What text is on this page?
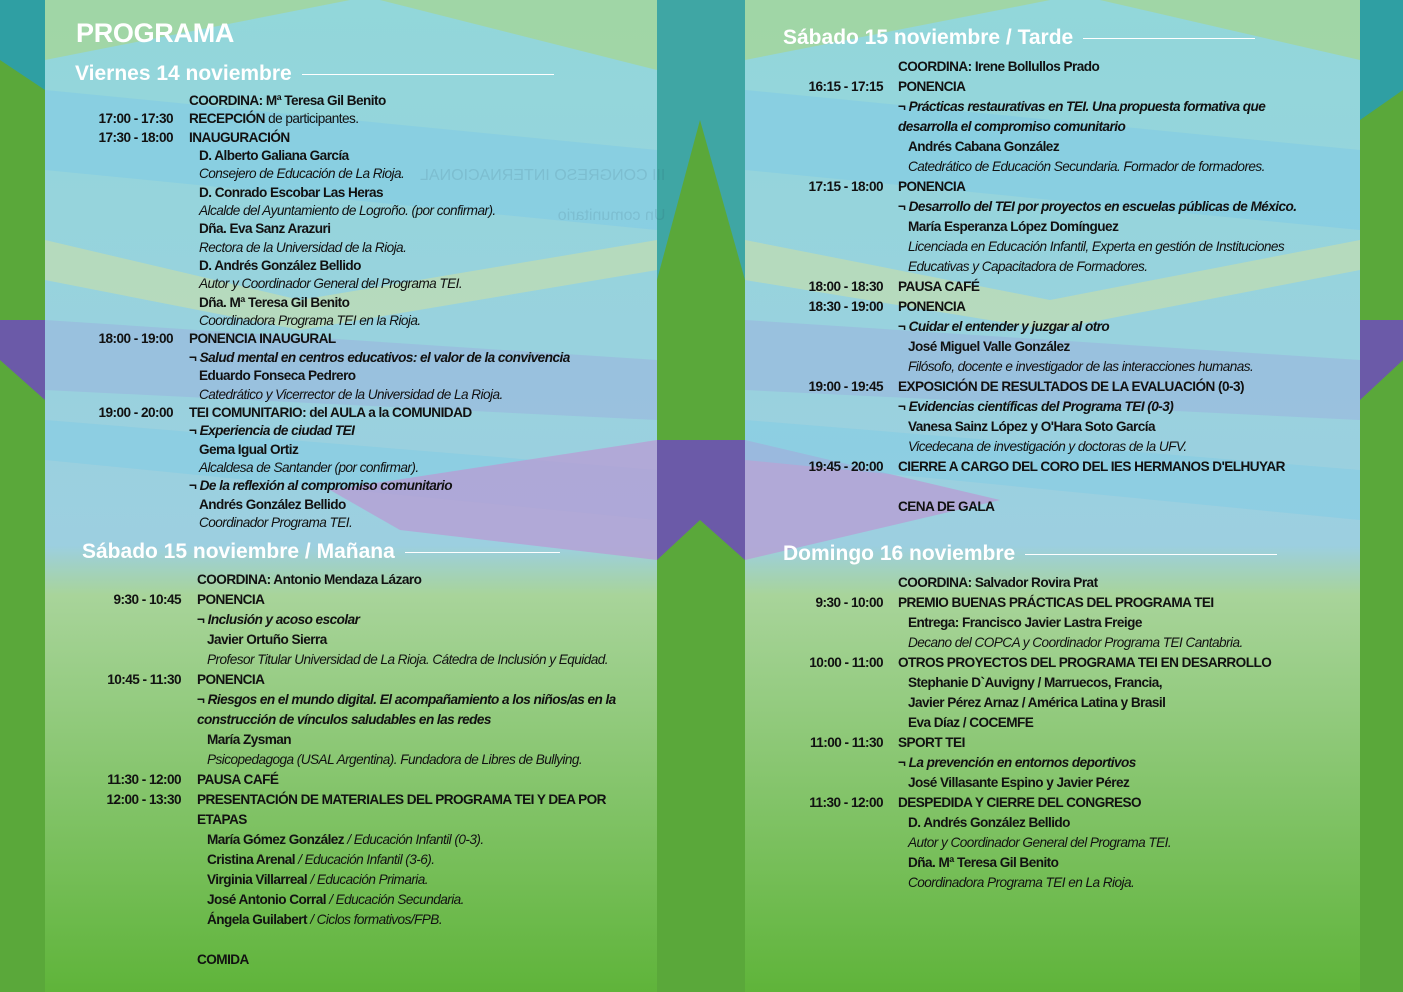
PROGRAMA
Viernes 14 noviembre
COORDINA: Mª Teresa Gil Benito
17:00 - 17:30 RECEPCIÓN de participantes.
17:30 - 18:00 INAUGURACIÓN
D. Alberto Galiana García
Consejero de Educación de La Rioja.
D. Conrado Escobar Las Heras
Alcalde del Ayuntamiento de Logroño. (por confirmar).
Dña. Eva Sanz Arazuri
Rectora de la Universidad de la Rioja.
D. Andrés González Bellido
Autor y Coordinador General del Programa TEI.
Dña. Mª Teresa Gil Benito
Coordinadora Programa TEI en la Rioja.
18:00 - 19:00 PONENCIA INAUGURAL
¬ Salud mental en centros educativos: el valor de la convivencia
Eduardo Fonseca Pedrero
Catedrático y Vicerrector de la Universidad de La Rioja.
19:00 - 20:00 TEI COMUNITARIO: del AULA a la COMUNIDAD
¬ Experiencia de ciudad TEI
Gema Igual Ortiz
Alcaldesa de Santander (por confirmar).
¬ De la reflexión al compromiso comunitario
Andrés González Bellido
Coordinador Programa TEI.
Sábado 15 noviembre / Mañana
COORDINA: Antonio Mendaza Lázaro
9:30 - 10:45 PONENCIA
¬ Inclusión y acoso escolar
Javier Ortuño Sierra
Profesor Titular Universidad de La Rioja. Cátedra de Inclusión y Equidad.
10:45 - 11:30 PONENCIA
¬ Riesgos en el mundo digital. El acompañamiento a los niños/as en la
construcción de vínculos saludables en las redes
María Zysman
Psicopedagoga (USAL Argentina). Fundadora de Libres de Bullying.
11:30 - 12:00 PAUSA CAFÉ
12:00 - 13:30 PRESENTACIÓN DE MATERIALES DEL PROGRAMA TEI Y DEA POR
ETAPAS
María Gómez González / Educación Infantil (0-3).
Cristina Arenal / Educación Infantil (3-6).
Virginia Villarreal / Educación Primaria.
José Antonio Corral / Educación Secundaria.
Ángela Guilabert / Ciclos formativos/FPB.
COMIDA
Sábado 15 noviembre / Tarde
COORDINA: Irene Bollullos Prado
16:15 - 17:15 PONENCIA
¬ Prácticas restaurativas en TEI. Una propuesta formativa que
desarrolla el compromiso comunitario
Andrés Cabana González
Catedrático de Educación Secundaria. Formador de formadores.
17:15 - 18:00 PONENCIA
¬ Desarrollo del TEI por proyectos en escuelas públicas de México.
María Esperanza López Domínguez
Licenciada en Educación Infantil, Experta en gestión de Instituciones
Educativas y Capacitadora de Formadores.
18:00 - 18:30 PAUSA CAFÉ
18:30 - 19:00 PONENCIA
¬ Cuidar el entender y juzgar al otro
José Miguel Valle González
Filósofo, docente e investigador de las interacciones humanas.
19:00 - 19:45 EXPOSICIÓN DE RESULTADOS DE LA EVALUACIÓN (0-3)
¬ Evidencias científicas del Programa TEI (0-3)
Vanesa Sainz López y O'Hara Soto García
Vicedecana de investigación y doctoras de la UFV.
19:45 - 20:00 CIERRE A CARGO DEL CORO DEL IES HERMANOS D'ELHUYAR
CENA DE GALA
Domingo 16 noviembre
COORDINA: Salvador Rovira Prat
9:30 - 10:00 PREMIO BUENAS PRÁCTICAS DEL PROGRAMA TEI
Entrega: Francisco Javier Lastra Freige
Decano del COPCA y Coordinador Programa TEI Cantabria.
10:00 - 11:00 OTROS PROYECTOS DEL PROGRAMA TEI EN DESARROLLO
Stephanie D`Auvigny / Marruecos, Francia,
Javier Pérez Arnaz / América Latina y Brasil
Eva Díaz / COCEMFE
11:00 - 11:30 SPORT TEI
¬ La prevención en entornos deportivos
José Villasante Espino y Javier Pérez
11:30 - 12:00 DESPEDIDA Y CIERRE DEL CONGRESO
D. Andrés González Bellido
Autor y Coordinador General del Programa TEI.
Dña. Mª Teresa Gil Benito
Coordinadora Programa TEI en La Rioja.
III CONGRESO INTERNACIONAL
Un comunitario
